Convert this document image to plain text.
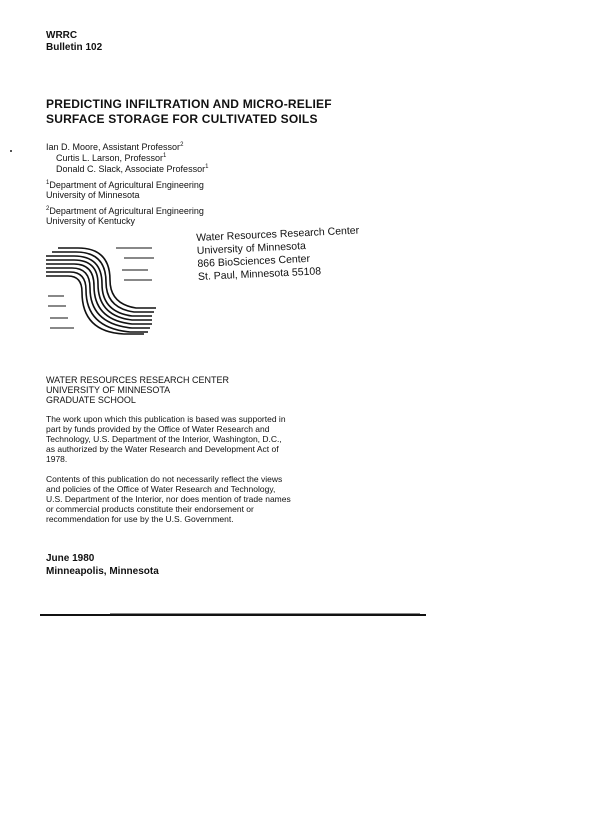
WRRC
Bulletin 102
PREDICTING INFILTRATION AND MICRO-RELIEF
SURFACE STORAGE FOR CULTIVATED SOILS
Ian D. Moore, Assistant Professor$^2$
Curtis L. Larson, Professor$^1$
Donald C. Slack, Associate Professor$^1$
$^1$Department of Agricultural Engineering
University of Minnesota
$^2$Department of Agricultural Engineering
University of Kentucky
Water Resources Research Center
University of Minnesota
866 BioSciences Center
St. Paul, Minnesota 55108
WATER RESOURCES RESEARCH CENTER
UNIVERSITY OF MINNESOTA
GRADUATE SCHOOL
The work upon which this publication is based was supported in part by funds provided by the Office of Water Research and Technology, U.S. Department of the Interior, Washington, D.C., as authorized by the Water Research and Development Act of 1978.
Contents of this publication do not necessarily reflect the views and policies of the Office of Water Research and Technology, U.S. Department of the Interior, nor does mention of trade names or commercial products constitute their endorsement or recommendation for use by the U.S. Government.
June 1980
Minneapolis, Minnesota
